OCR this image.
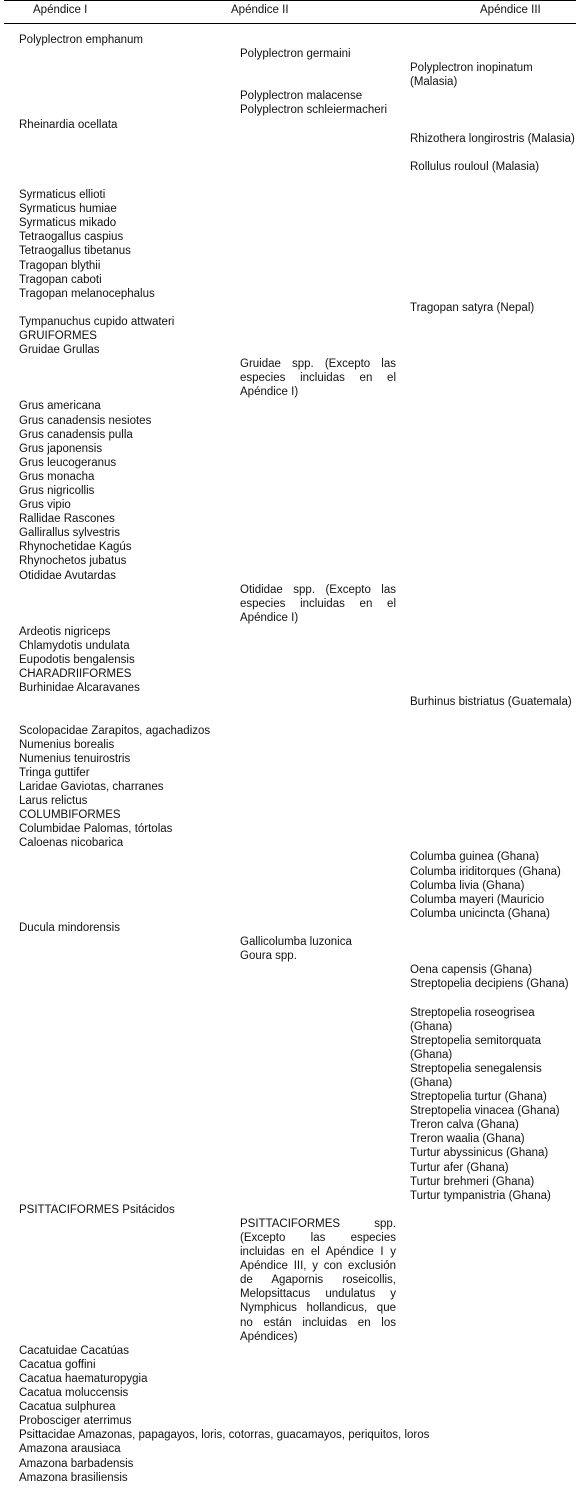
Apéndice I	Apéndice II	Apéndice III
Polyplectron emphanum
Polyplectron germaini
Polyplectron inopinatum (Malasia)
Polyplectron malacense
Polyplectron schleiermacheri
Rheinardia ocellata
Rhizothera longirostris (Malasia)
Rollulus rouloul (Malasia)
Syrmaticus ellioti
Syrmaticus humiae
Syrmaticus mikado
Tetraogallus caspius
Tetraogallus tibetanus
Tragopan blythii
Tragopan caboti
Tragopan melanocephalus
Tragopan satyra (Nepal)
Tympanuchus cupido attwateri
GRUIFORMES
Gruidae Grullas
Gruidae spp. (Excepto las especies incluidas en el Apéndice I)
Grus americana
Grus canadensis nesiotes
Grus canadensis pulla
Grus japonensis
Grus leucogeranus
Grus monacha
Grus nigricollis
Grus vipio
Rallidae Rascones
Gallirallus sylvestris
Rhynochetidae Kagús
Rhynochetos jubatus
Otididae Avutardas
Otididae spp. (Excepto las especies incluidas en el Apéndice I)
Ardeotis nigriceps
Chlamydotis undulata
Eupodotis bengalensis
CHARADRIIFORMES
Burhinidae Alcaravanes
Burhinus bistriatus (Guatemala)
Scolopacidae Zarapitos, agachadizos
Numenius borealis
Numenius tenuirostris
Tringa guttifer
Laridae Gaviotas, charranes
Larus relictus
COLUMBIFORMES
Columbidae Palomas, tórtolas
Caloenas nicobarica
Columba guinea (Ghana)
Columba iriditorques (Ghana)
Columba livia (Ghana)
Columba mayeri (Mauricio
Columba unicincta (Ghana)
Ducula mindorensis
Gallicolumba luzonica
Goura spp.
Oena capensis (Ghana)
Streptopelia decipiens (Ghana)
Streptopelia roseogrisea (Ghana)
Streptopelia semitorquata (Ghana)
Streptopelia senegalensis (Ghana)
Streptopelia turtur (Ghana)
Streptopelia vinacea (Ghana)
Treron calva (Ghana)
Treron waalia (Ghana)
Turtur abyssinicus (Ghana)
Turtur afer (Ghana)
Turtur brehmeri (Ghana)
Turtur tympanistria (Ghana)
PSITTACIFORMES Psitácidos
PSITTACIFORMES spp. (Excepto las especies incluidas en el Apéndice I y Apéndice III, y con exclusión de Agapornis roseicollis, Melopsittacus undulatus y Nymphicus hollandicus, que no están incluidas en los Apéndices)
Cacatuidae Cacatúas
Cacatua goffini
Cacatua haematuropygia
Cacatua moluccensis
Cacatua sulphurea
Probosciger aterrimus
Psittacidae Amazonas, papagayos, loris, cotorras, guacamayos, periquitos, loros
Amazona arausiaca
Amazona barbadensis
Amazona brasiliensis
